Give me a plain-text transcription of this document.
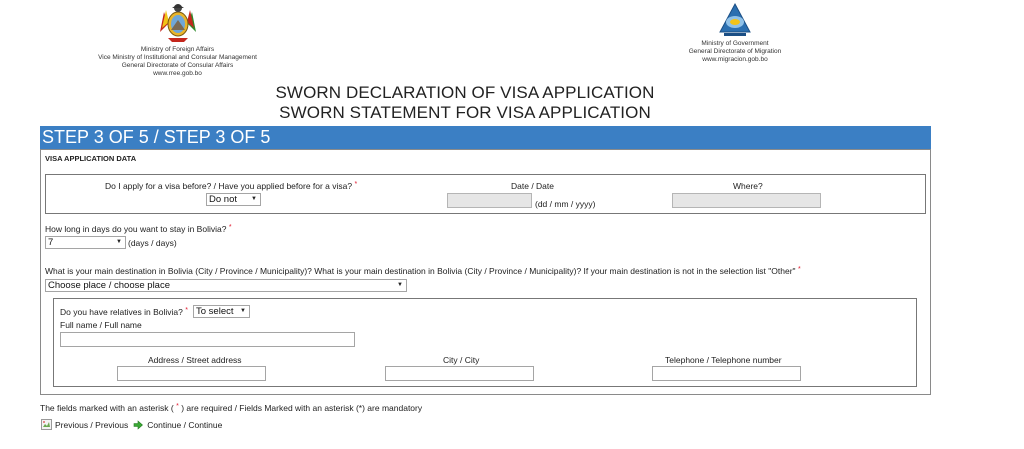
Ministry of Foreign Affairs
Vice Ministry of Institutional and Consular Management
General Directorate of Consular Affairs
www.rree.gob.bo
Ministry of Government
General Directorate of Migration
www.migracion.gob.bo
SWORN DECLARATION OF VISA APPLICATION
SWORN STATEMENT FOR VISA APPLICATION
STEP 3 OF 5 / STEP 3 OF 5
VISA APPLICATION DATA
Do I apply for a visa before? / Have you applied before for a visa? *
Do not ▼
Date / Date
(dd / mm / yyyy)
Where?
How long in days do you want to stay in Bolivia? *
7	▼ (days / days)
What is your main destination in Bolivia (City / Province / Municipality)? What is your main destination in Bolivia (City / Province / Municipality)? If your main destination is not in the selection list "Other" *
Choose place / choose place	▼
Do you have relatives in Bolivia? * To select ▼
Full name / Full name
Address / Street address	City / City	Telephone / Telephone number
The fields marked with an asterisk ( * ) are required / Fields Marked with an asterisk (*) are mandatory
Previous / Previous Continue / Continue
